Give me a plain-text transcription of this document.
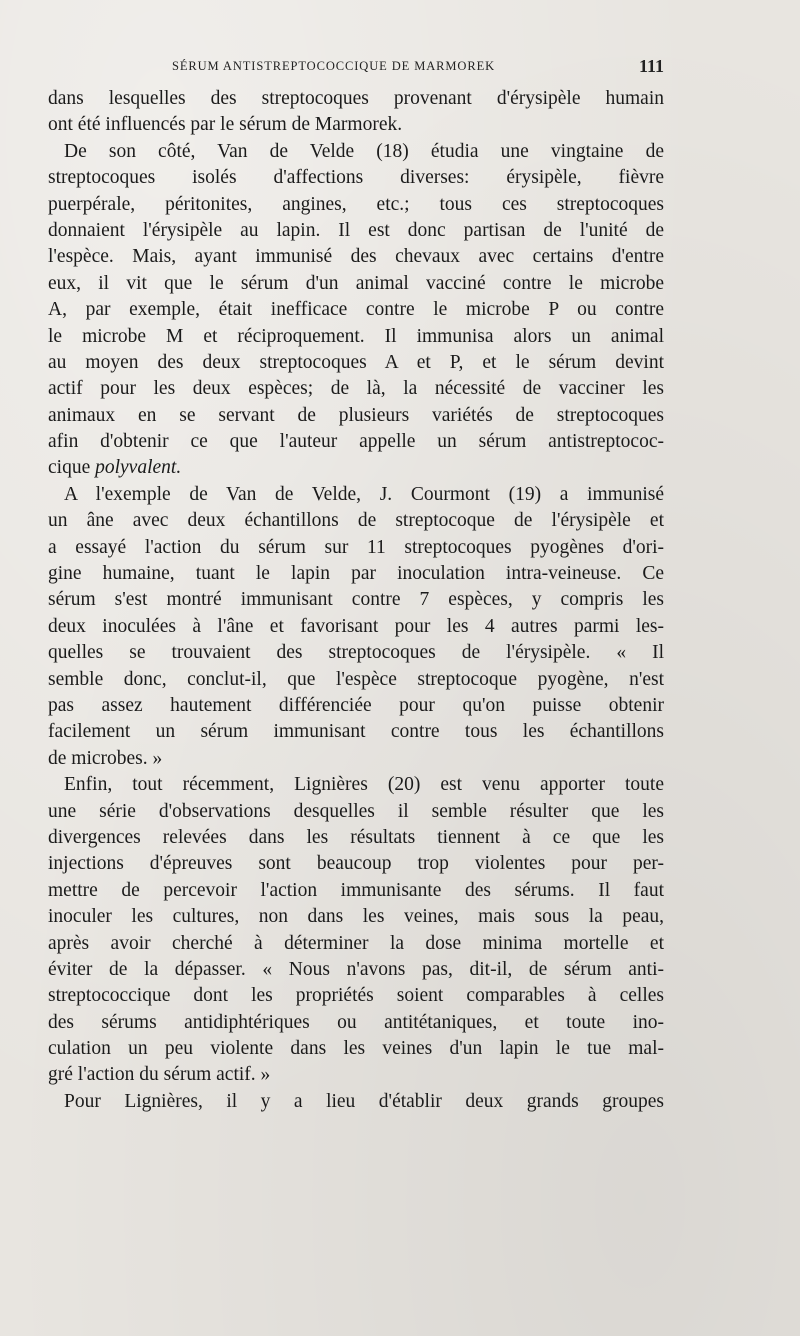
SÉRUM ANTISTREPTOCOCCIQUE DE MARMOREK	111
dans lesquelles des streptocoques provenant d'érysipèle humain
ont été influencés par le sérum de Marmorek.
De son côté, Van de Velde (18) étudia une vingtaine de
streptocoques isolés d'affections diverses: érysipèle, fièvre
puerpérale, péritonites, angines, etc.; tous ces streptocoques
donnaient l'érysipèle au lapin. Il est donc partisan de l'unité de
l'espèce. Mais, ayant immunisé des chevaux avec certains d'entre
eux, il vit que le sérum d'un animal vacciné contre le microbe
A, par exemple, était inefficace contre le microbe P ou contre
le microbe M et réciproquement. Il immunisa alors un animal
au moyen des deux streptocoques A et P, et le sérum devint
actif pour les deux espèces; de là, la nécessité de vacciner les
animaux en se servant de plusieurs variétés de streptocoques
afin d'obtenir ce que l'auteur appelle un sérum antistreptococ-
cique polyvalent.
A l'exemple de Van de Velde, J. Courmont (19) a immunisé
un âne avec deux échantillons de streptocoque de l'érysipèle et
a essayé l'action du sérum sur 11 streptocoques pyogènes d'ori-
gine humaine, tuant le lapin par inoculation intra-veineuse. Ce
sérum s'est montré immunisant contre 7 espèces, y compris les
deux inoculées à l'âne et favorisant pour les 4 autres parmi les-
quelles se trouvaient des streptocoques de l'érysipèle. « Il
semble donc, conclut-il, que l'espèce streptocoque pyogène, n'est
pas assez hautement différenciée pour qu'on puisse obtenir
facilement un sérum immunisant contre tous les échantillons
de microbes. »
Enfin, tout récemment, Lignières (20) est venu apporter toute
une série d'observations desquelles il semble résulter que les
divergences relevées dans les résultats tiennent à ce que les
injections d'épreuves sont beaucoup trop violentes pour per-
mettre de percevoir l'action immunisante des sérums. Il faut
inoculer les cultures, non dans les veines, mais sous la peau,
après avoir cherché à déterminer la dose minima mortelle et
éviter de la dépasser. « Nous n'avons pas, dit-il, de sérum anti-
streptococcique dont les propriétés soient comparables à celles
des sérums antidiphtériques ou antitétaniques, et toute ino-
culation un peu violente dans les veines d'un lapin le tue mal-
gré l'action du sérum actif. »
Pour Lignières, il y a lieu d'établir deux grands groupes
